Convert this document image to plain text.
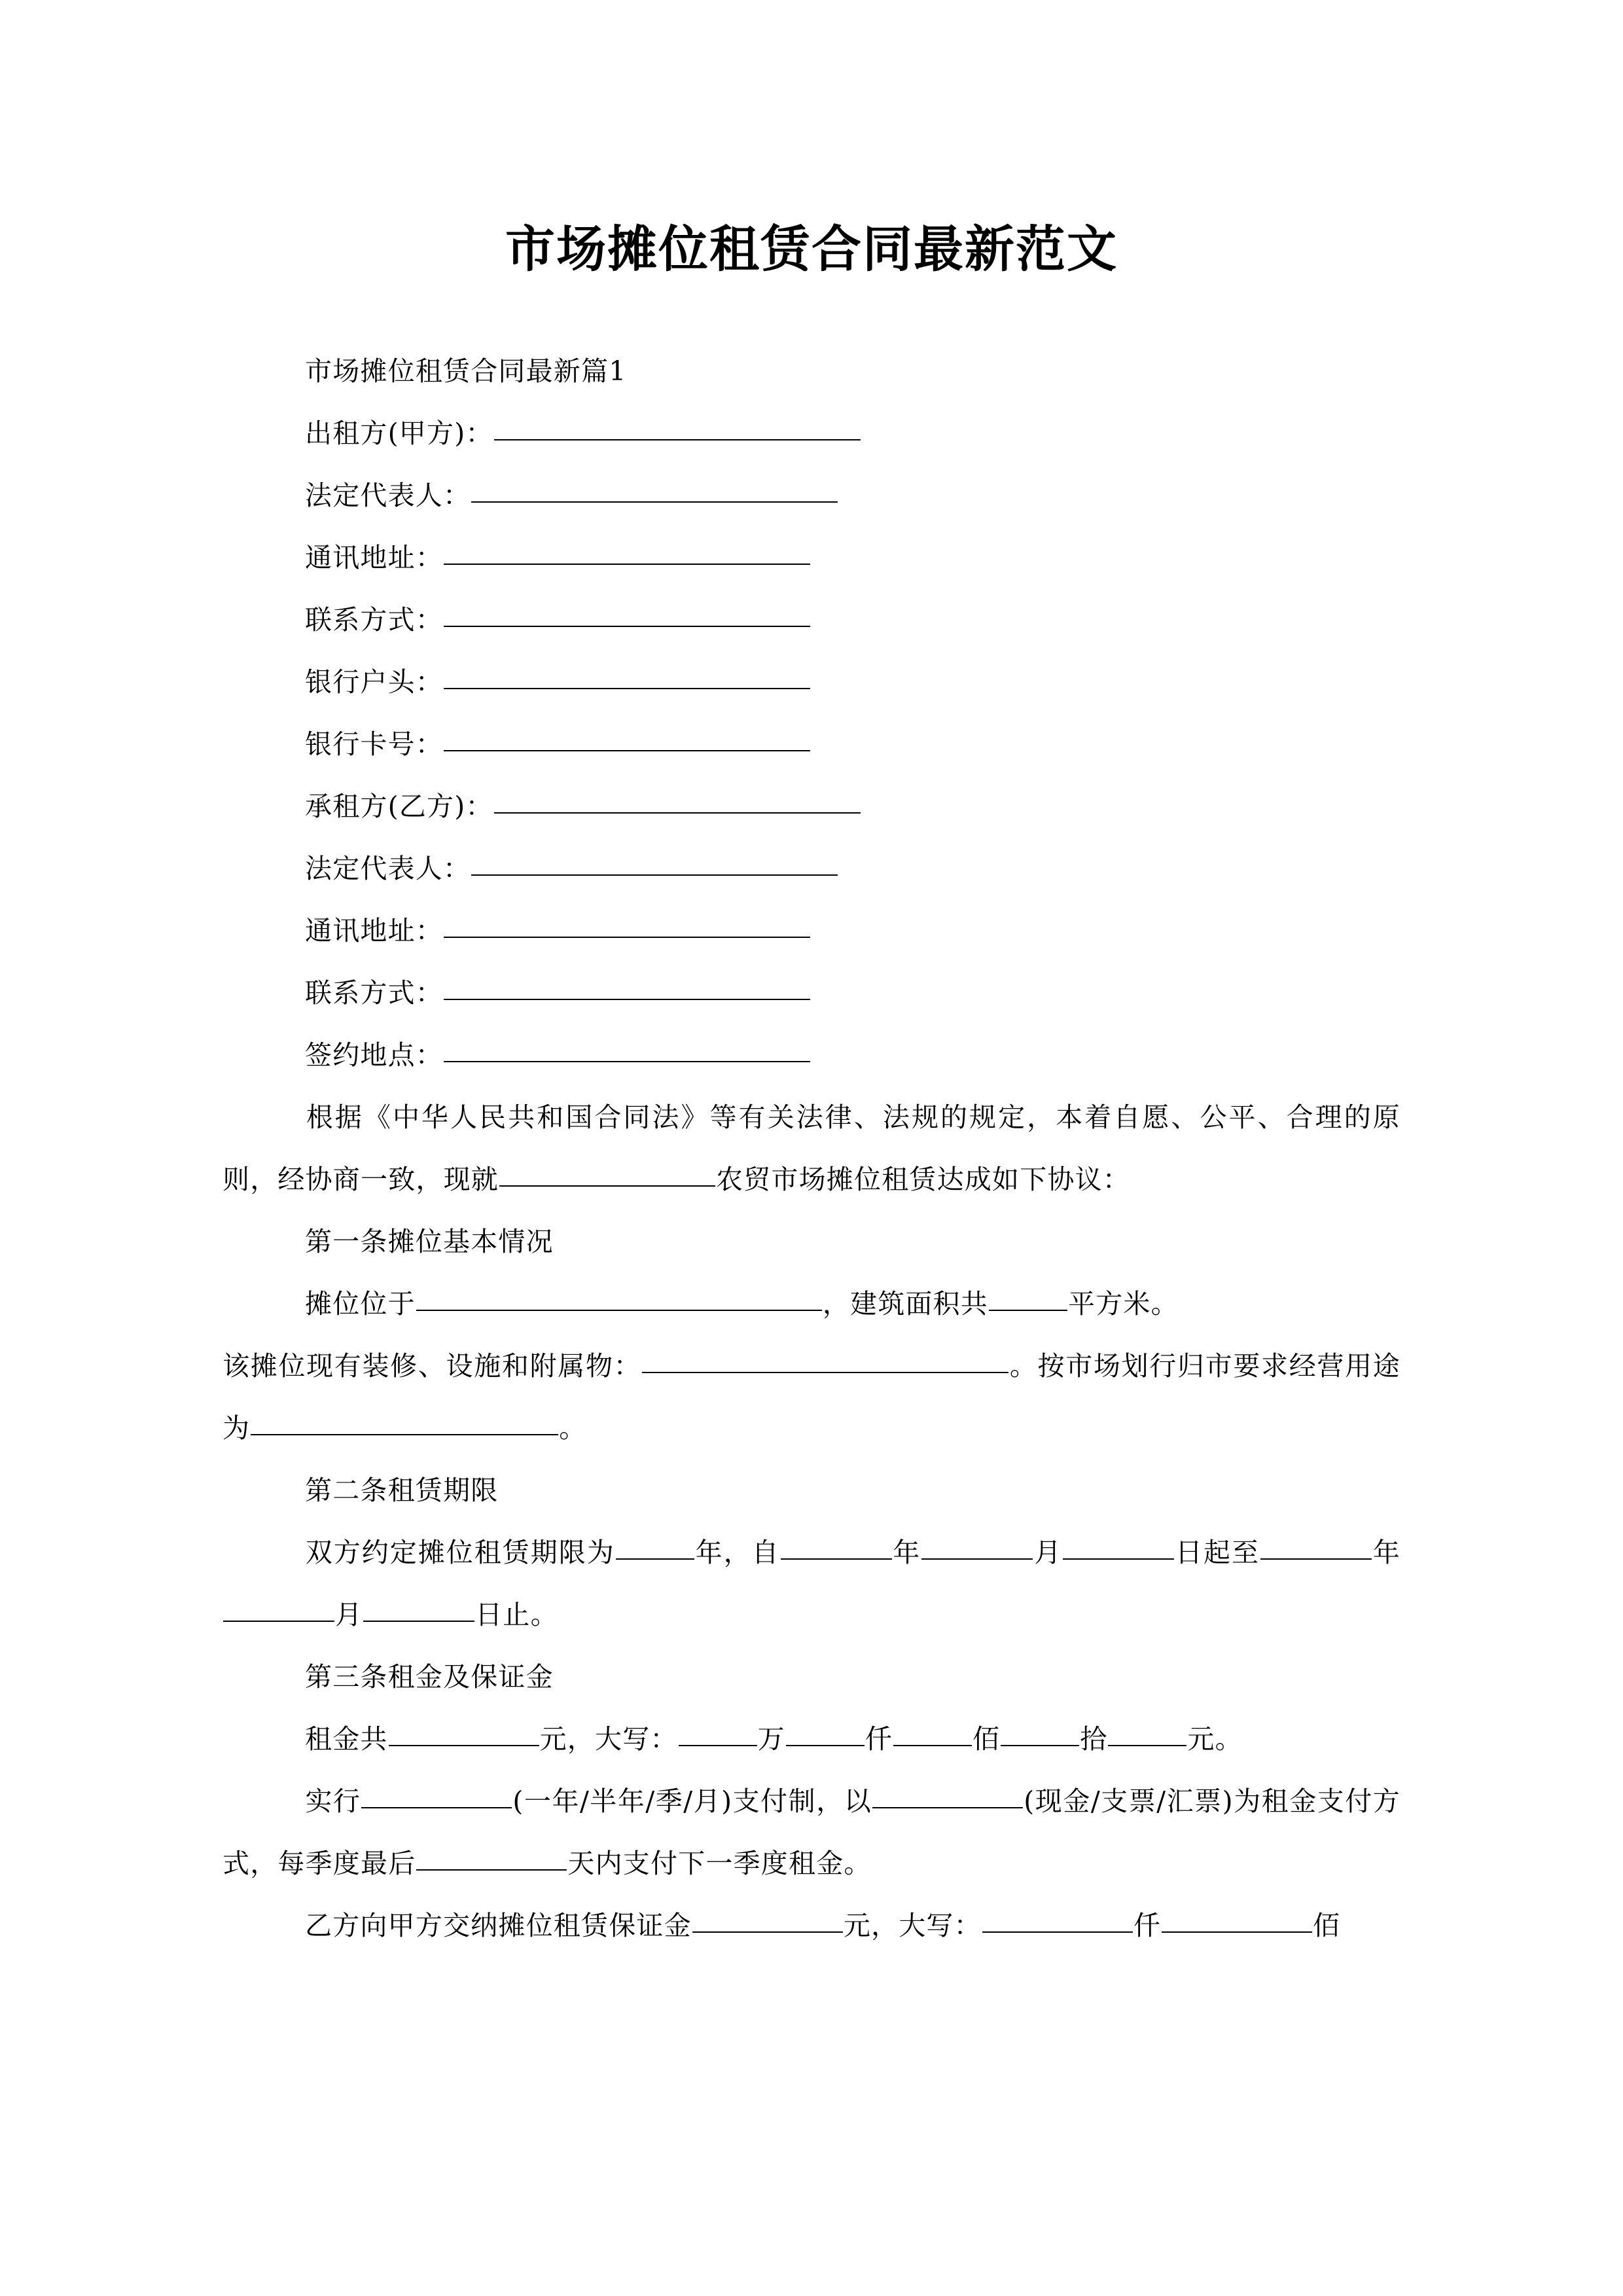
市场摊位租赁合同最新范文

市场摊位租赁合同最新篇1

出租方(甲方)：

法定代表人：

通讯地址：

联系方式：

银行户头：

银行卡号：

承租方(乙方)：

法定代表人：

通讯地址：

联系方式：

签约地点：

根据《中华人民共和国合同法》等有关法律、法规的规定，本着自愿、公平、合理的原则，经协商一致，现就	农贸市场摊位租赁达成如下协议：

第一条摊位基本情况

摊位位于	，建筑面积共	平方米。

该摊位现有装修、设施和附属物：	。按市场划行归市要求经营用途为	。

第二条租赁期限

双方约定摊位租赁期限为	年，自	年	月	日起至	年月	日止。

第三条租金及保证金

租金共	元，大写：	万	仟	佰	拾	元。

实行	(一年/半年/季/月)支付制，以	(现金/支票/汇票)为租金支付方式，每季度最后	天内支付下一季度租金。

乙方向甲方交纳摊位租赁保证金	元，大写：	仟	佰
